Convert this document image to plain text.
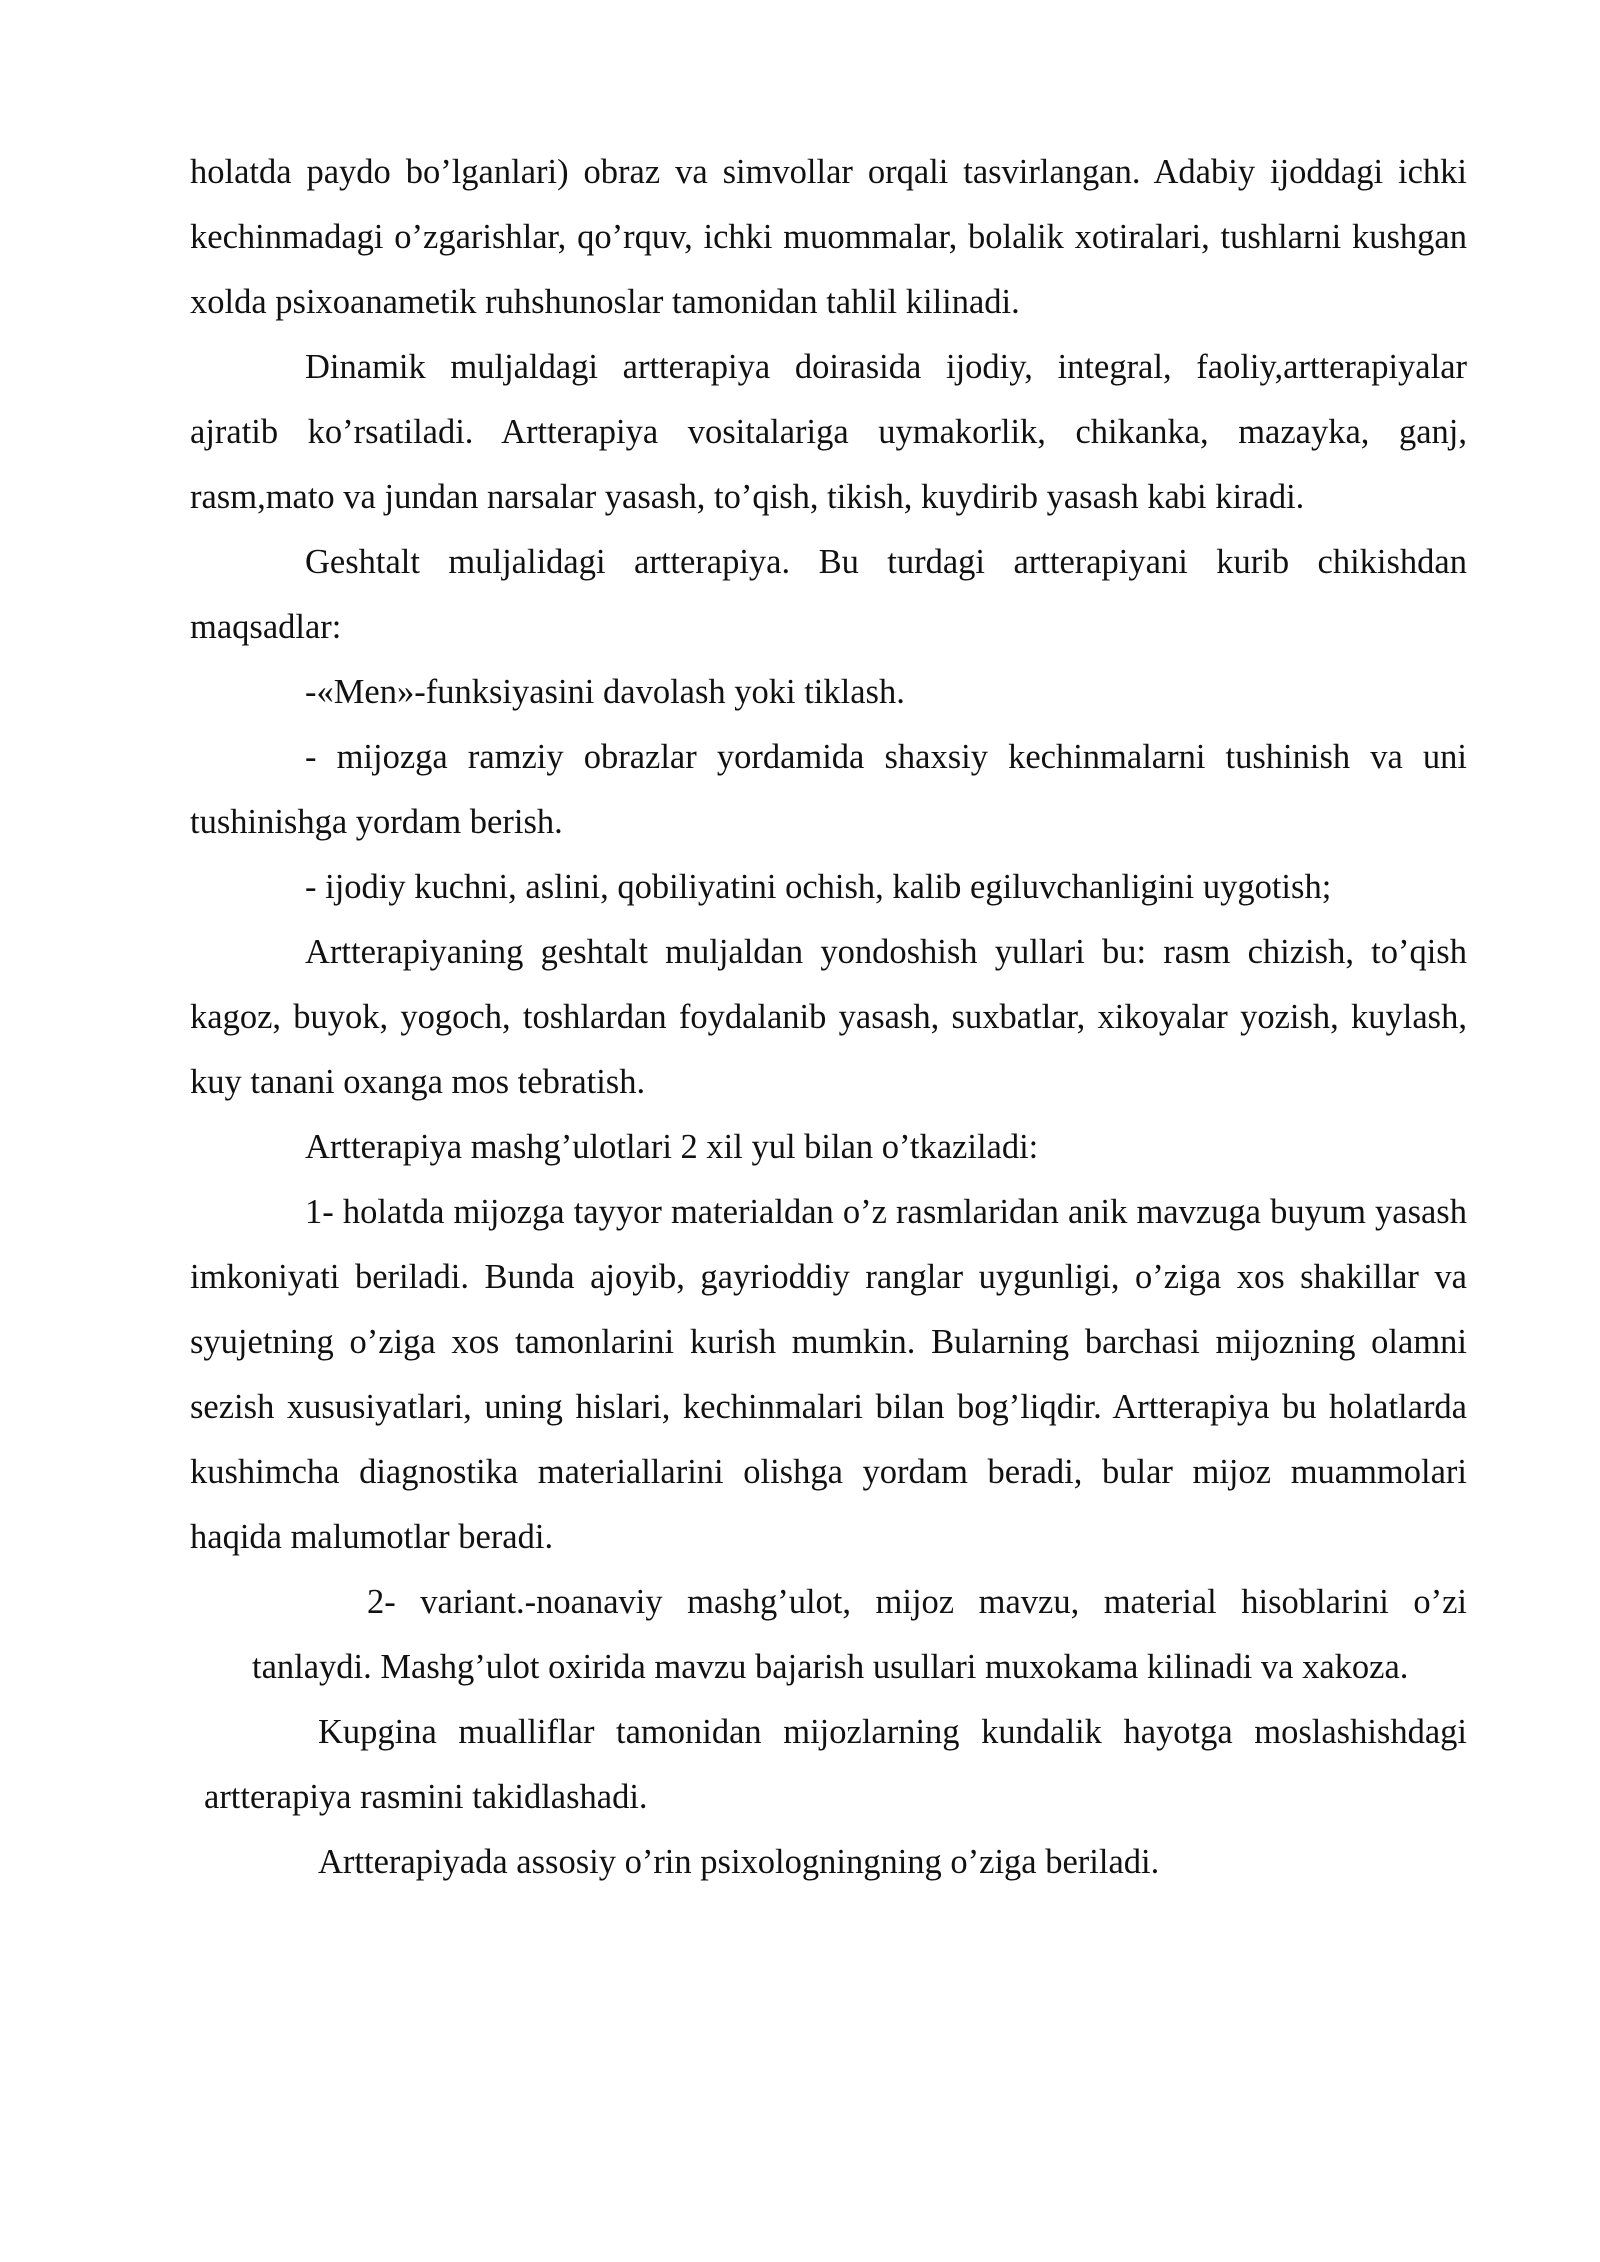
holatda paydo bo’lganlari) obraz va simvollar orqali tasvirlangan. Adabiy ijoddagi ichki kechinmadagi o’zgarishlar, qo’rquv, ichki muommalar, bolalik xotiralari, tushlarni kushgan xolda psixoanametik ruhshunoslar tamonidan tahlil kilinadi.

Dinamik muljaldagi artterapiya doirasida ijodiy, integral, faoliy,artterapiyalar ajratib ko’rsatiladi. Artterapiya vositalariga uymakorlik, chikanka, mazayka, ganj, rasm,mato va jundan narsalar yasash, to’qish, tikish, kuydirib yasash kabi kiradi.

Geshtalt muljalidagi artterapiya. Bu turdagi artterapiyani kurib chikishdan maqsadlar:

-«Men»-funksiyasini davolash yoki tiklash.

- mijozga ramziy obrazlar yordamida shaxsiy kechinmalarni tushinish va uni tushinishga yordam berish.

- ijodiy kuchni, aslini, qobiliyatini ochish, kalib egiluvchanligini uygotish;

Artterapiyaning geshtalt muljaldan yondoshish yullari bu: rasm chizish, to’qish kagoz, buyok, yogoch, toshlardan foydalanib yasash, suxbatlar, xikoyalar yozish, kuylash, kuy tanani oxanga mos tebratish.

Artterapiya mashg’ulotlari 2 xil yul bilan o’tkaziladi:

1- holatda mijozga tayyor materialdan o’z rasmlaridan anik mavzuga buyum yasash imkoniyati beriladi. Bunda ajoyib, gayrioddiy ranglar uygunligi, o’ziga xos shakillar va syujetning o’ziga xos tamonlarini kurish mumkin. Bularning barchasi mijozning olamni sezish xususiyatlari, uning hislari, kechinmalari bilan bog’liqdir. Artterapiya bu holatlarda kushimcha diagnostika materiallarini olishga yordam beradi, bular mijoz muammolari haqida malumotlar beradi.

2- variant.-noanaviy mashg’ulot, mijoz mavzu, material hisoblarini o’zi tanlaydi. Mashg’ulot oxirida mavzu bajarish usullari muxokama kilinadi va xakoza.

Kupgina mualliflar tamonidan mijozlarning kundalik hayotga moslashishdagi artterapiya rasmini takidlashadi.

Artterapiyada assosiy o’rin psixologningning o’ziga beriladi.
